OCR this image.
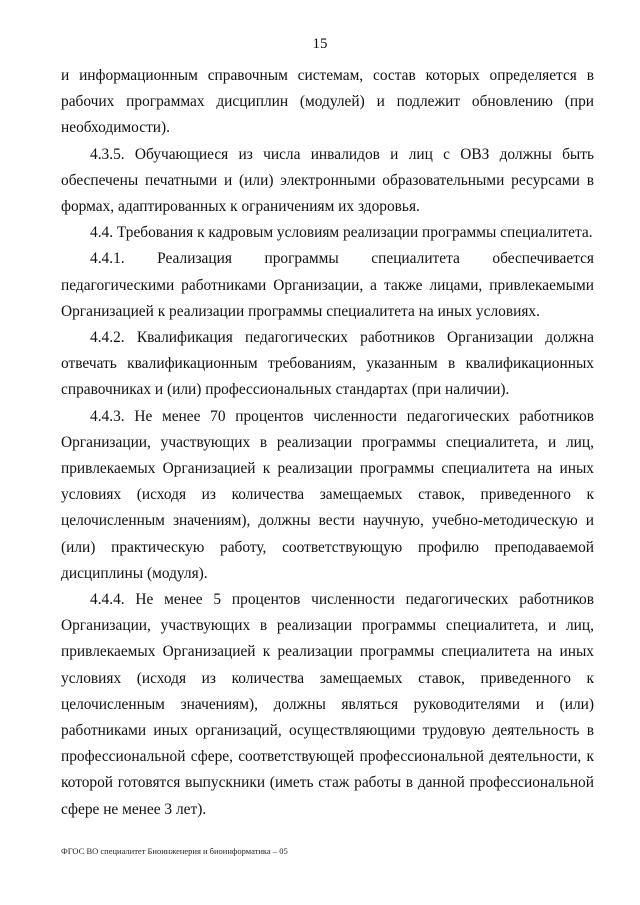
15

и информационным справочным системам, состав которых определяется в рабочих программах дисциплин (модулей) и подлежит обновлению (при необходимости).

4.3.5. Обучающиеся из числа инвалидов и лиц с ОВЗ должны быть обеспечены печатными и (или) электронными образовательными ресурсами в формах, адаптированных к ограничениям их здоровья.

4.4. Требования к кадровым условиям реализации программы специалитета.

4.4.1. Реализация программы специалитета обеспечивается педагогическими работниками Организации, а также лицами, привлекаемыми Организацией к реализации программы специалитета на иных условиях.

4.4.2. Квалификация педагогических работников Организации должна отвечать квалификационным требованиям, указанным в квалификационных справочниках и (или) профессиональных стандартах (при наличии).

4.4.3. Не менее 70 процентов численности педагогических работников Организации, участвующих в реализации программы специалитета, и лиц, привлекаемых Организацией к реализации программы специалитета на иных условиях (исходя из количества замещаемых ставок, приведенного к целочисленным значениям), должны вести научную, учебно-методическую и (или) практическую работу, соответствующую профилю преподаваемой дисциплины (модуля).

4.4.4. Не менее 5 процентов численности педагогических работников Организации, участвующих в реализации программы специалитета, и лиц, привлекаемых Организацией к реализации программы специалитета на иных условиях (исходя из количества замещаемых ставок, приведенного к целочисленным значениям), должны являться руководителями и (или) работниками иных организаций, осуществляющими трудовую деятельность в профессиональной сфере, соответствующей профессиональной деятельности, к которой готовятся выпускники (иметь стаж работы в данной профессиональной сфере не менее 3 лет).

ФГОС ВО специалитет Биоинженерия и биоинформатика – 05
